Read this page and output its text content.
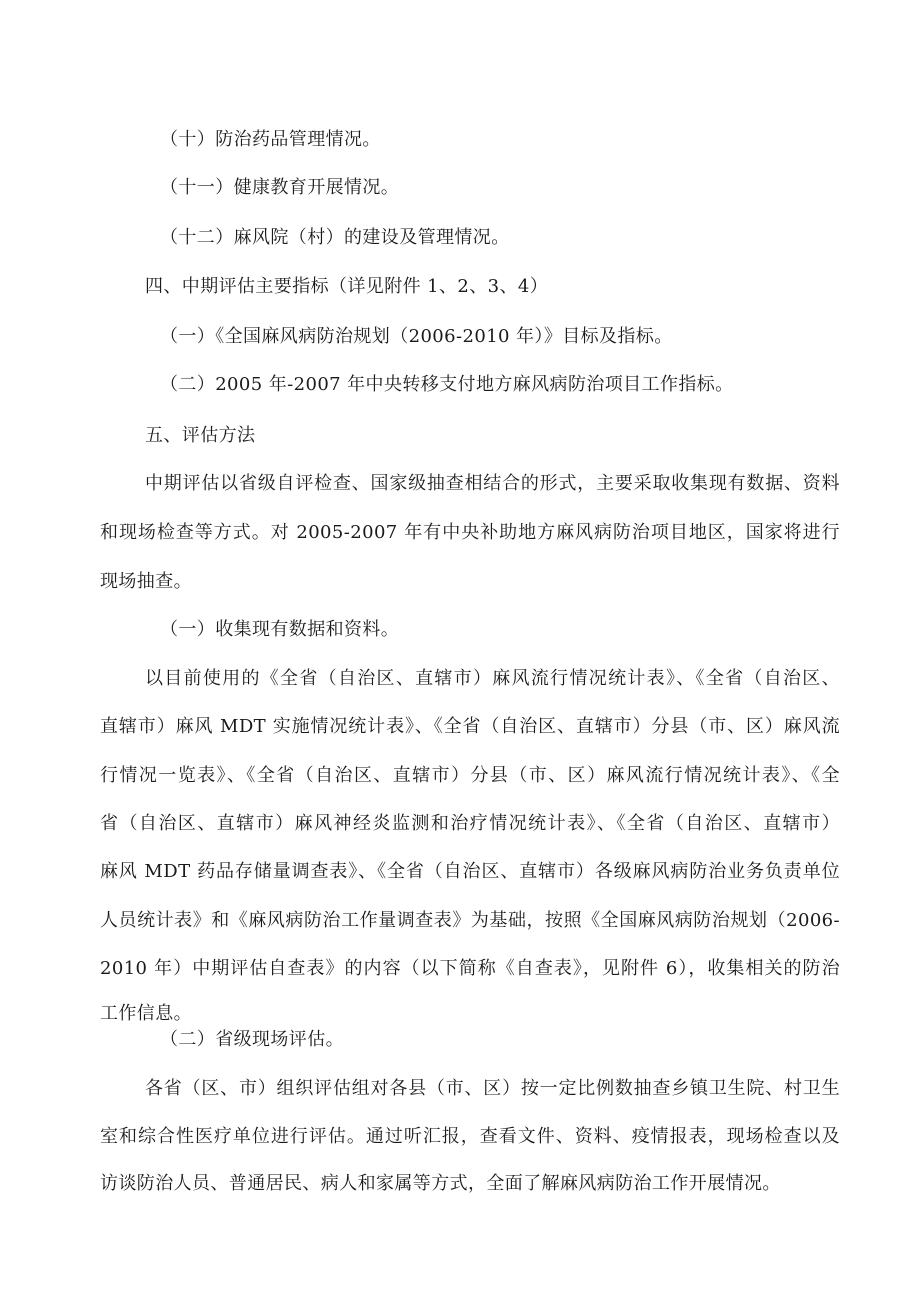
（十）防治药品管理情况。
（十一）健康教育开展情况。
（十二）麻风院（村）的建设及管理情况。
四、中期评估主要指标（详见附件 1、2、3、4）
（一）《全国麻风病防治规划（2006-2010 年）》目标及指标。
（二）2005 年-2007 年中央转移支付地方麻风病防治项目工作指标。
五、评估方法
中期评估以省级自评检查、国家级抽查相结合的形式，主要采取收集现有数据、资料
和现场检查等方式。对 2005-2007 年有中央补助地方麻风病防治项目地区，国家将进行
现场抽查。
（一）收集现有数据和资料。
以目前使用的《全省（自治区、直辖市）麻风流行情况统计表》、《全省（自治区、
直辖市）麻风 MDT 实施情况统计表》、《全省（自治区、直辖市）分县（市、区）麻风流
行情况一览表》、《全省（自治区、直辖市）分县（市、区）麻风流行情况统计表》、《全
省（自治区、直辖市）麻风神经炎监测和治疗情况统计表》、《全省（自治区、直辖市）
麻风 MDT 药品存储量调查表》、《全省（自治区、直辖市）各级麻风病防治业务负责单位
人员统计表》和《麻风病防治工作量调查表》为基础，按照《全国麻风病防治规划（2006-
2010 年）中期评估自查表》的内容（以下简称《自查表》，见附件 6），收集相关的防治
工作信息。
（二）省级现场评估。
各省（区、市）组织评估组对各县（市、区）按一定比例数抽查乡镇卫生院、村卫生
室和综合性医疗单位进行评估。通过听汇报，查看文件、资料、疫情报表，现场检查以及
访谈防治人员、普通居民、病人和家属等方式，全面了解麻风病防治工作开展情况。
